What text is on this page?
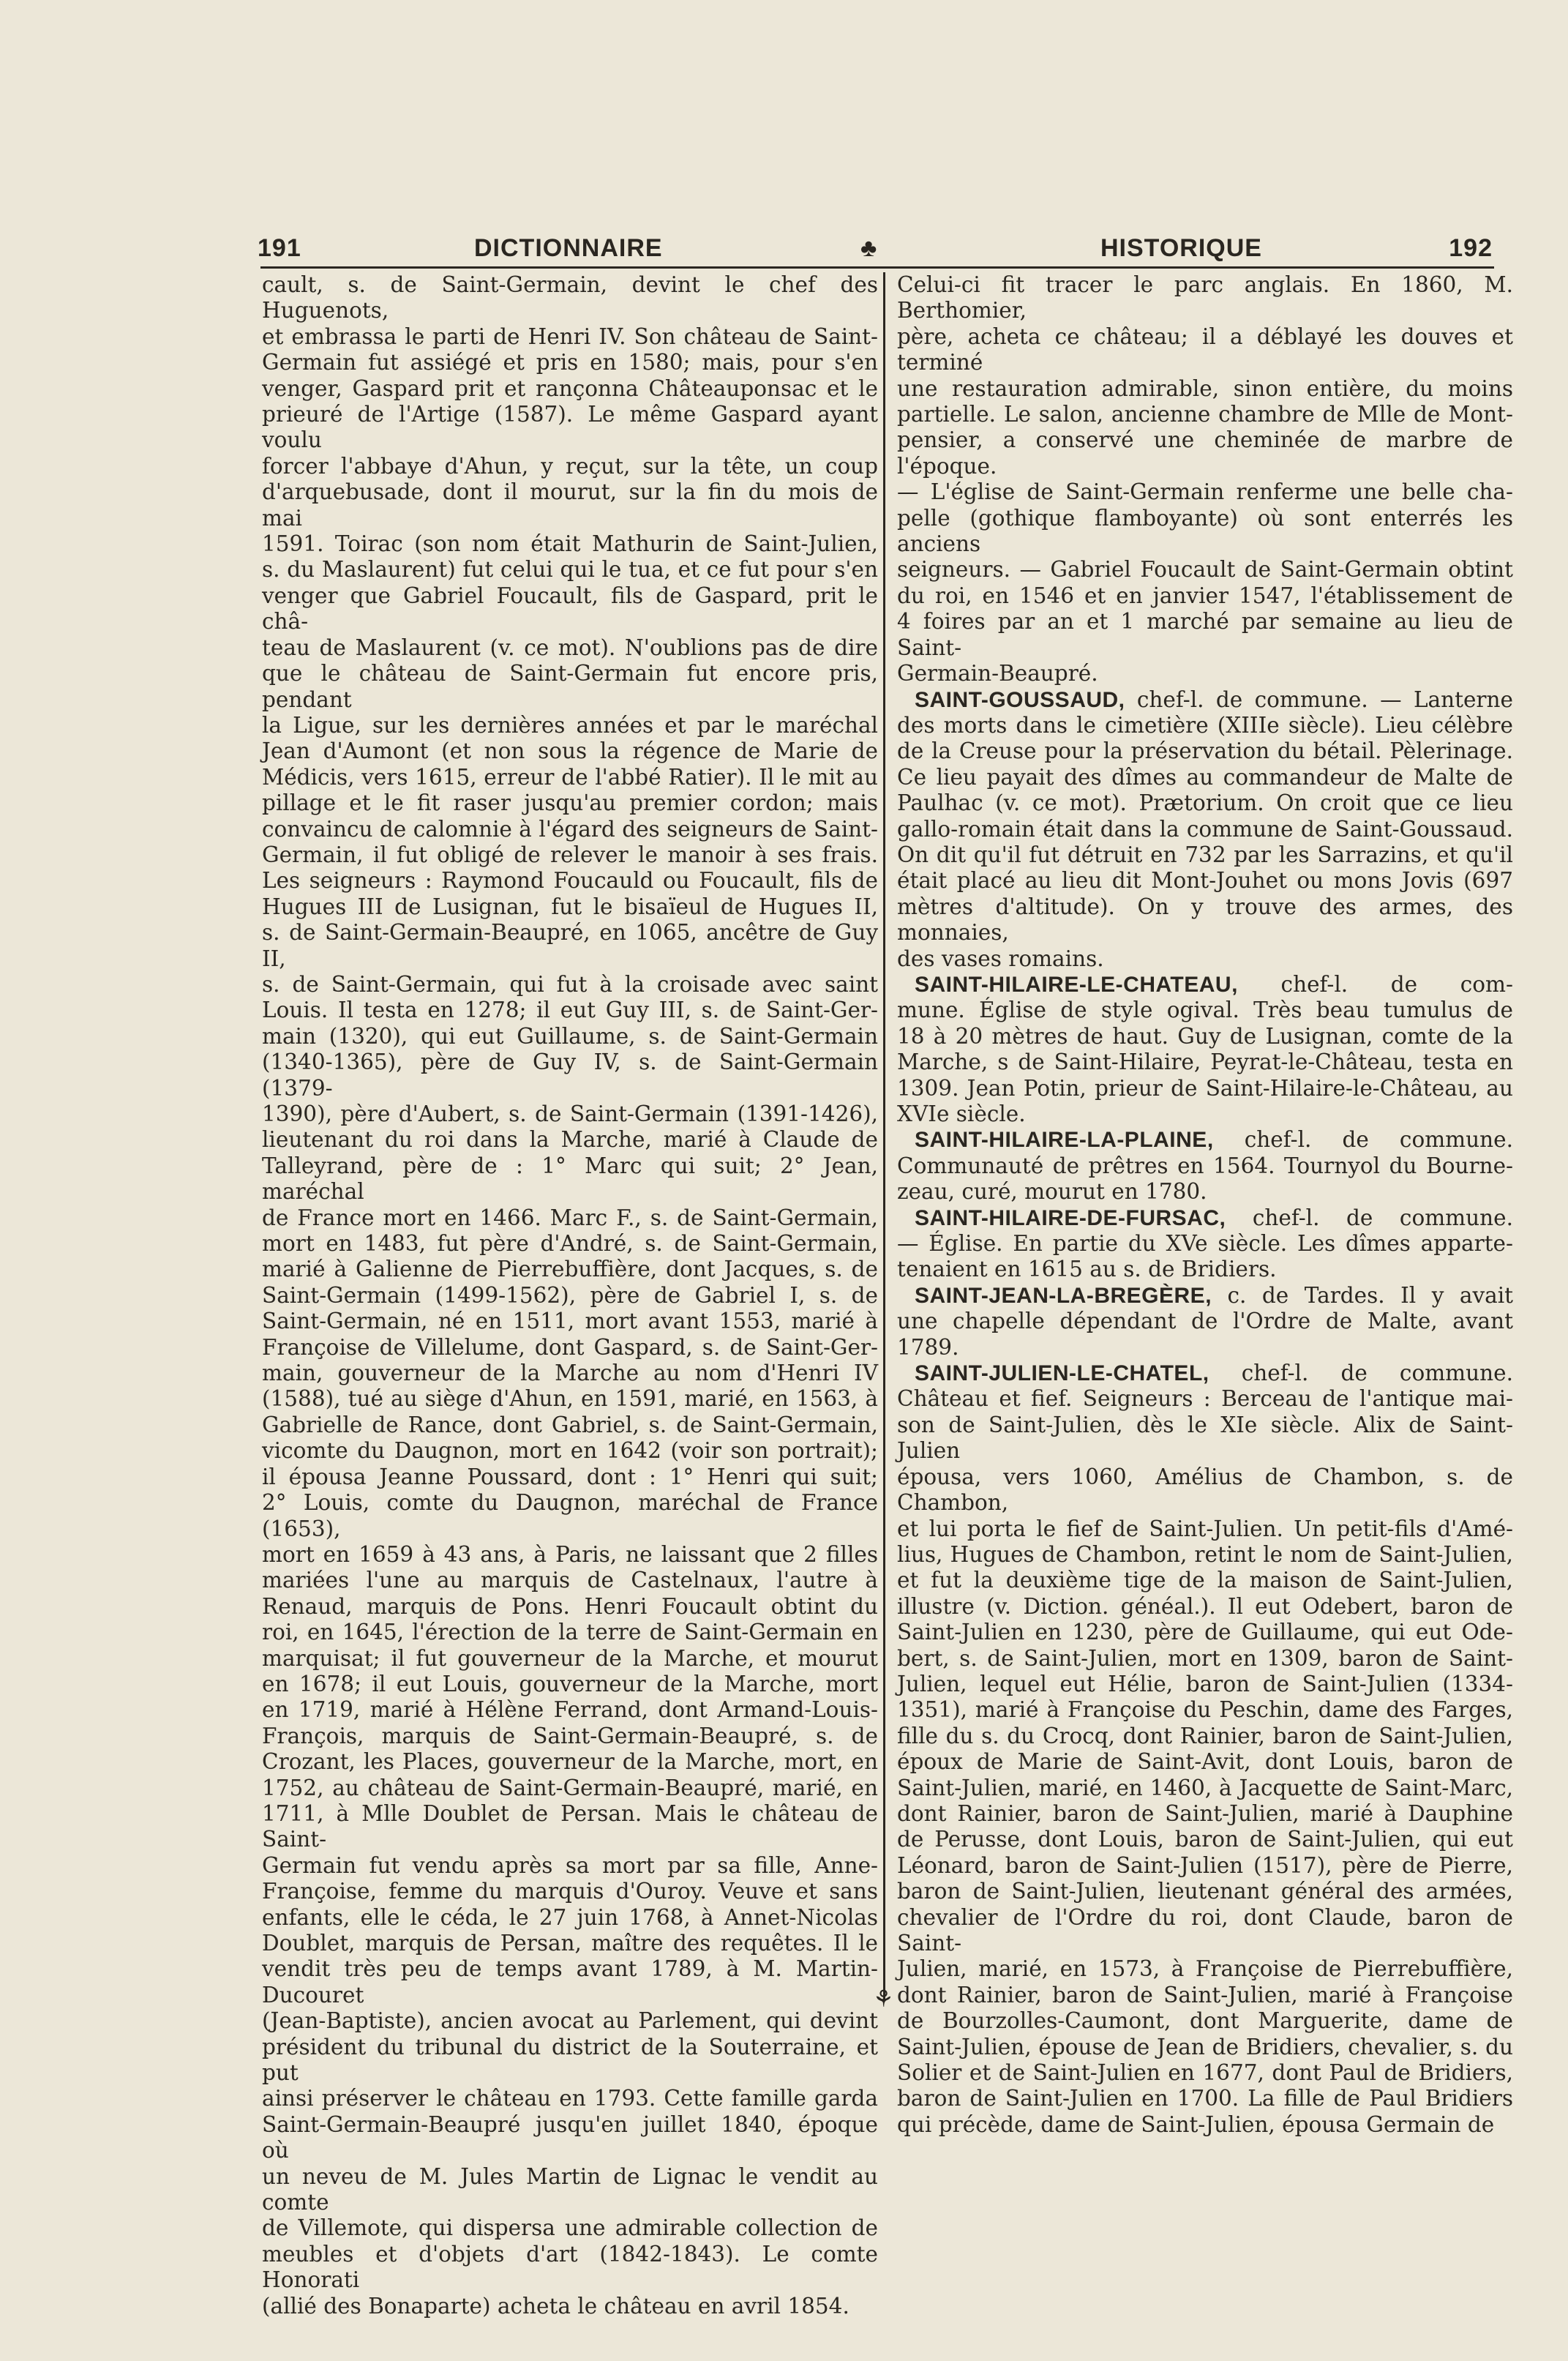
191	DICTIONNAIRE	♣	HISTORIQUE	192

cault, s. de Saint-Germain, devint le chef des Huguenots,

et embrassa le parti de Henri IV. Son château de Saint-

Germain fut assiégé et pris en 1580; mais, pour s'en

venger, Gaspard prit et rançonna Châteauponsac et le

prieuré de l'Artige (1587). Le même Gaspard ayant voulu

forcer l'abbaye d'Ahun, y reçut, sur la tête, un coup

d'arquebusade, dont il mourut, sur la fin du mois de mai

1591. Toirac (son nom était Mathurin de Saint-Julien,

s. du Maslaurent) fut celui qui le tua, et ce fut pour s'en

venger que Gabriel Foucault, fils de Gaspard, prit le châ-

teau de Maslaurent (v. ce mot). N'oublions pas de dire

que le château de Saint-Germain fut encore pris, pendant

la Ligue, sur les dernières années et par le maréchal

Jean d'Aumont (et non sous la régence de Marie de

Médicis, vers 1615, erreur de l'abbé Ratier). Il le mit au

pillage et le fit raser jusqu'au premier cordon; mais

convaincu de calomnie à l'égard des seigneurs de Saint-

Germain, il fut obligé de relever le manoir à ses frais.

Les seigneurs : Raymond Foucauld ou Foucault, fils de

Hugues III de Lusignan, fut le bisaïeul de Hugues II,

s. de Saint-Germain-Beaupré, en 1065, ancêtre de Guy II,

s. de Saint-Germain, qui fut à la croisade avec saint

Louis. Il testa en 1278; il eut Guy III, s. de Saint-Ger-

main (1320), qui eut Guillaume, s. de Saint-Germain

(1340-1365), père de Guy IV, s. de Saint-Germain (1379-

1390), père d'Aubert, s. de Saint-Germain (1391-1426),

lieutenant du roi dans la Marche, marié à Claude de

Talleyrand, père de : 1° Marc qui suit; 2° Jean, maréchal

de France mort en 1466. Marc F., s. de Saint-Germain,

mort en 1483, fut père d'André, s. de Saint-Germain,

marié à Galienne de Pierrebuffière, dont Jacques, s. de

Saint-Germain (1499-1562), père de Gabriel I, s. de

Saint-Germain, né en 1511, mort avant 1553, marié à

Françoise de Villelume, dont Gaspard, s. de Saint-Ger-

main, gouverneur de la Marche au nom d'Henri IV

(1588), tué au siège d'Ahun, en 1591, marié, en 1563, à

Gabrielle de Rance, dont Gabriel, s. de Saint-Germain,

vicomte du Daugnon, mort en 1642 (voir son portrait);

il épousa Jeanne Poussard, dont : 1° Henri qui suit;

2° Louis, comte du Daugnon, maréchal de France (1653),

mort en 1659 à 43 ans, à Paris, ne laissant que 2 filles

mariées l'une au marquis de Castelnaux, l'autre à

Renaud, marquis de Pons. Henri Foucault obtint du

roi, en 1645, l'érection de la terre de Saint-Germain en

marquisat; il fut gouverneur de la Marche, et mourut

en 1678; il eut Louis, gouverneur de la Marche, mort

en 1719, marié à Hélène Ferrand, dont Armand-Louis-

François, marquis de Saint-Germain-Beaupré, s. de

Crozant, les Places, gouverneur de la Marche, mort, en

1752, au château de Saint-Germain-Beaupré, marié, en

1711, à Mlle Doublet de Persan. Mais le château de Saint-

Germain fut vendu après sa mort par sa fille, Anne-

Françoise, femme du marquis d'Ouroy. Veuve et sans

enfants, elle le céda, le 27 juin 1768, à Annet-Nicolas

Doublet, marquis de Persan, maître des requêtes. Il le

vendit très peu de temps avant 1789, à M. Martin-Ducouret

(Jean-Baptiste), ancien avocat au Parlement, qui devint

président du tribunal du district de la Souterraine, et put

ainsi préserver le château en 1793. Cette famille garda

Saint-Germain-Beaupré jusqu'en juillet 1840, époque où

un neveu de M. Jules Martin de Lignac le vendit au comte

de Villemote, qui dispersa une admirable collection de

meubles et d'objets d'art (1842-1843). Le comte Honorati

(allié des Bonaparte) acheta le château en avril 1854.

⚘

Celui-ci fit tracer le parc anglais. En 1860, M. Berthomier,

père, acheta ce château; il a déblayé les douves et terminé

une restauration admirable, sinon entière, du moins

partielle. Le salon, ancienne chambre de Mlle de Mont-

pensier, a conservé une cheminée de marbre de l'époque.

— L'église de Saint-Germain renferme une belle cha-

pelle (gothique flamboyante) où sont enterrés les anciens

seigneurs. — Gabriel Foucault de Saint-Germain obtint

du roi, en 1546 et en janvier 1547, l'établissement de

4 foires par an et 1 marché par semaine au lieu de Saint-

Germain-Beaupré.

SAINT-GOUSSAUD, chef-l. de commune. — Lanterne

des morts dans le cimetière (XIIIe siècle). Lieu célèbre

de la Creuse pour la préservation du bétail. Pèlerinage.

Ce lieu payait des dîmes au commandeur de Malte de

Paulhac (v. ce mot). Prætorium. On croit que ce lieu

gallo-romain était dans la commune de Saint-Goussaud.

On dit qu'il fut détruit en 732 par les Sarrazins, et qu'il

était placé au lieu dit Mont-Jouhet ou mons Jovis (697

mètres d'altitude). On y trouve des armes, des monnaies,

des vases romains.

SAINT-HILAIRE-LE-CHATEAU, chef-l. de com-

mune. Église de style ogival. Très beau tumulus de

18 à 20 mètres de haut. Guy de Lusignan, comte de la

Marche, s de Saint-Hilaire, Peyrat-le-Château, testa en

1309. Jean Potin, prieur de Saint-Hilaire-le-Château, au

XVIe siècle.

SAINT-HILAIRE-LA-PLAINE, chef-l. de commune.

Communauté de prêtres en 1564. Tournyol du Bourne-

zeau, curé, mourut en 1780.

SAINT-HILAIRE-DE-FURSAC, chef-l. de commune.

— Église. En partie du XVe siècle. Les dîmes apparte-

tenaient en 1615 au s. de Bridiers.

SAINT-JEAN-LA-BREGÈRE, c. de Tardes. Il y avait

une chapelle dépendant de l'Ordre de Malte, avant 1789.

SAINT-JULIEN-LE-CHATEL, chef-l. de commune.

Château et fief. Seigneurs : Berceau de l'antique mai-

son de Saint-Julien, dès le XIe siècle. Alix de Saint-Julien

épousa, vers 1060, Amélius de Chambon, s. de Chambon,

et lui porta le fief de Saint-Julien. Un petit-fils d'Amé-

lius, Hugues de Chambon, retint le nom de Saint-Julien,

et fut la deuxième tige de la maison de Saint-Julien,

illustre (v. Diction. généal.). Il eut Odebert, baron de

Saint-Julien en 1230, père de Guillaume, qui eut Ode-

bert, s. de Saint-Julien, mort en 1309, baron de Saint-

Julien, lequel eut Hélie, baron de Saint-Julien (1334-

1351), marié à Françoise du Peschin, dame des Farges,

fille du s. du Crocq, dont Rainier, baron de Saint-Julien,

époux de Marie de Saint-Avit, dont Louis, baron de

Saint-Julien, marié, en 1460, à Jacquette de Saint-Marc,

dont Rainier, baron de Saint-Julien, marié à Dauphine

de Perusse, dont Louis, baron de Saint-Julien, qui eut

Léonard, baron de Saint-Julien (1517), père de Pierre,

baron de Saint-Julien, lieutenant général des armées,

chevalier de l'Ordre du roi, dont Claude, baron de Saint-

Julien, marié, en 1573, à Françoise de Pierrebuffière,

dont Rainier, baron de Saint-Julien, marié à Françoise

de Bourzolles-Caumont, dont Marguerite, dame de

Saint-Julien, épouse de Jean de Bridiers, chevalier, s. du

Solier et de Saint-Julien en 1677, dont Paul de Bridiers,

baron de Saint-Julien en 1700. La fille de Paul Bridiers

qui précède, dame de Saint-Julien, épousa Germain de
